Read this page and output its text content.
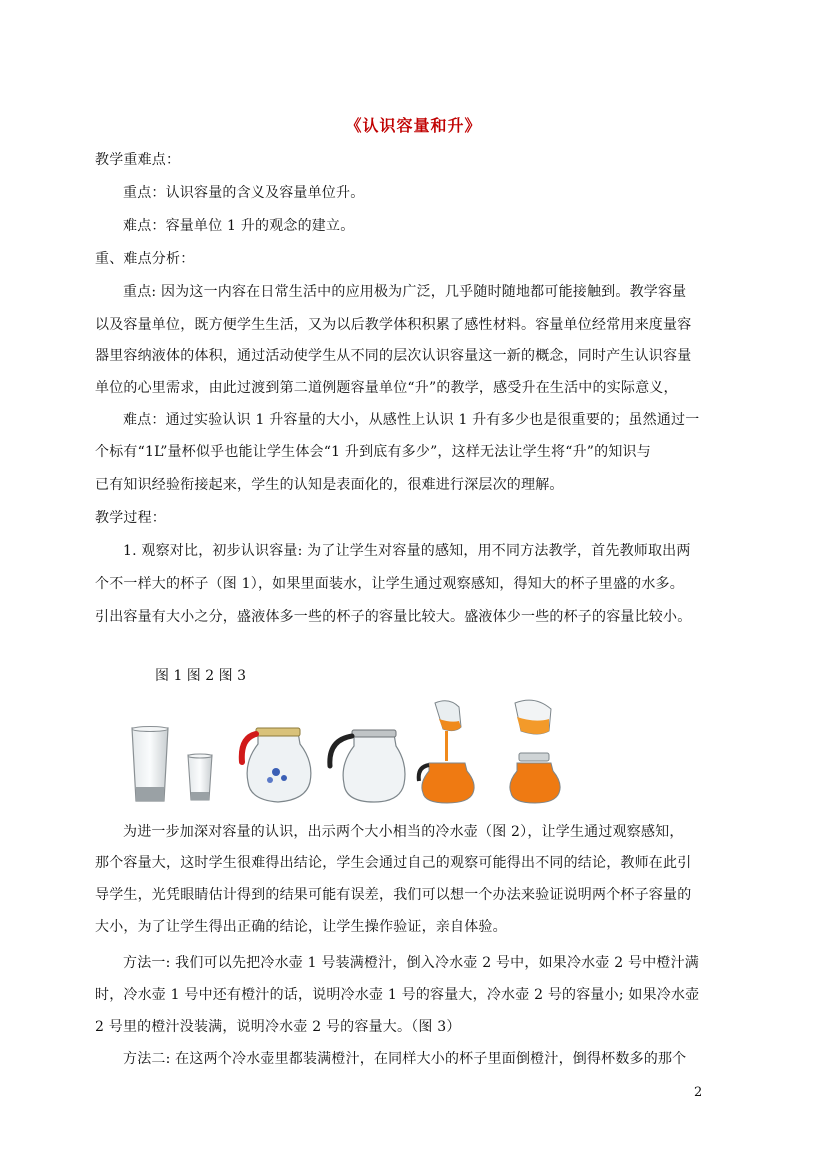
《认识容量和升》
教学重难点：
重点：认识容量的含义及容量单位升。
难点：容量单位 1 升的观念的建立。
重、难点分析：
重点: 因为这一内容在日常生活中的应用极为广泛，几乎随时随地都可能接触到。教学容量
以及容量单位，既方便学生生活，又为以后教学体积积累了感性材料。容量单位经常用来度量容
器里容纳液体的体积，通过活动使学生从不同的层次认识容量这一新的概念，同时产生认识容量
单位的心里需求，由此过渡到第二道例题容量单位“升”的教学，感受升在生活中的实际意义，
难点：通过实验认识 1 升容量的大小，从感性上认识 1 升有多少也是很重要的；虽然通过一
个标有“1L”量杯似乎也能让学生体会“1 升到底有多少”，这样无法让学生将“升”的知识与
已有知识经验衔接起来，学生的认知是表面化的，很难进行深层次的理解。
教学过程：
1. 观察对比，初步认识容量: 为了让学生对容量的感知，用不同方法教学，首先教师取出两
个不一样大的杯子（图 1），如果里面装水，让学生通过观察感知，得知大的杯子里盛的水多。
引出容量有大小之分，盛液体多一些的杯子的容量比较大。盛液体少一些的杯子的容量比较小。
图 1 图 2 图 3
为进一步加深对容量的认识，出示两个大小相当的冷水壶（图 2），让学生通过观察感知，
那个容量大，这时学生很难得出结论，学生会通过自己的观察可能得出不同的结论，教师在此引
导学生，光凭眼睛估计得到的结果可能有误差，我们可以想一个办法来验证说明两个杯子容量的
大小，为了让学生得出正确的结论，让学生操作验证，亲自体验。
方法一: 我们可以先把冷水壶 1 号装满橙汁，倒入冷水壶 2 号中，如果冷水壶 2 号中橙汁满
时，冷水壶 1 号中还有橙汁的话，说明冷水壶 1 号的容量大，冷水壶 2 号的容量小; 如果冷水壶
2 号里的橙汁没装满，说明冷水壶 2 号的容量大。（图 3）
方法二: 在这两个冷水壶里都装满橙汁，在同样大小的杯子里面倒橙汁，倒得杯数多的那个
2
